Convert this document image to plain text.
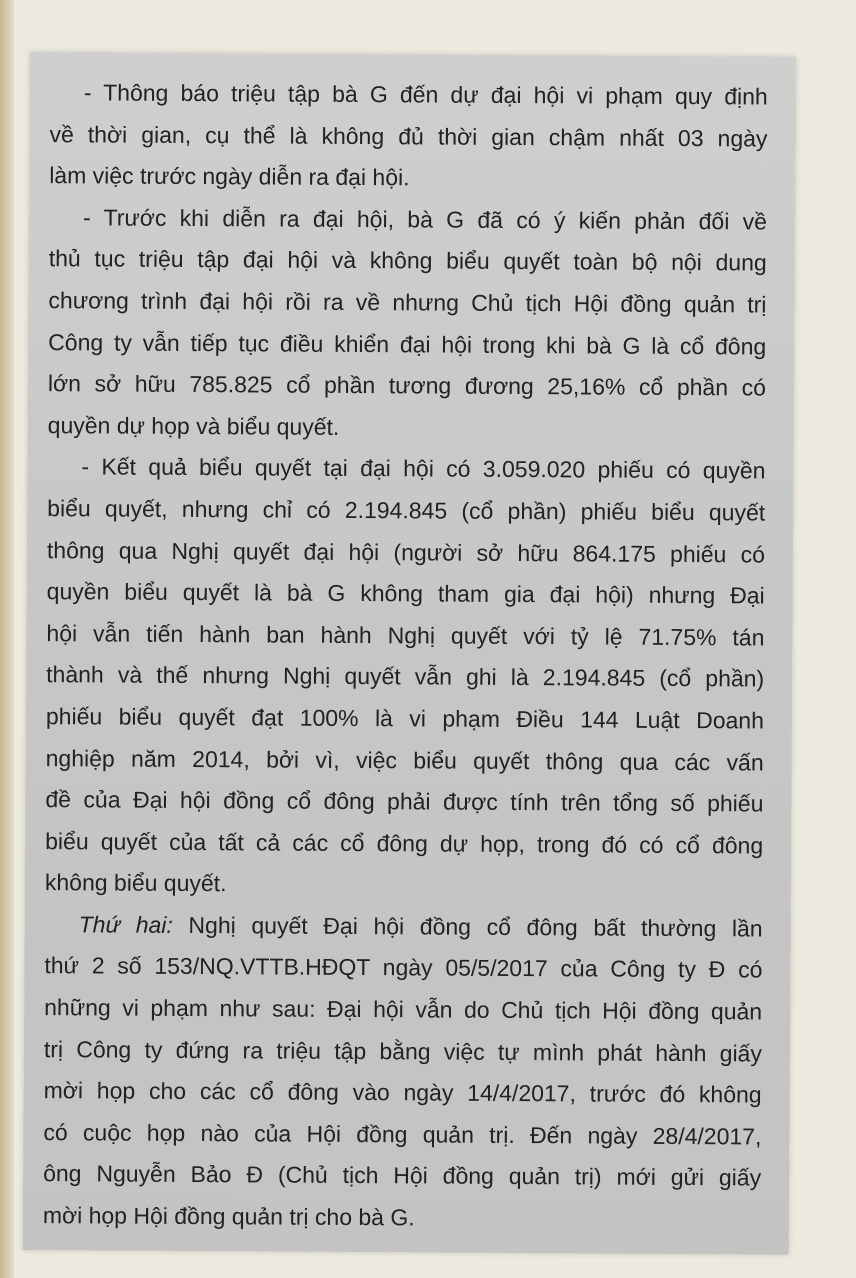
- Thông báo triệu tập bà G đến dự đại hội vi phạm quy định
về thời gian, cụ thể là không đủ thời gian chậm nhất 03 ngày
làm việc trước ngày diễn ra đại hội.
- Trước khi diễn ra đại hội, bà G đã có ý kiến phản đối về
thủ tục triệu tập đại hội và không biểu quyết toàn bộ nội dung
chương trình đại hội rồi ra về nhưng Chủ tịch Hội đồng quản trị
Công ty vẫn tiếp tục điều khiển đại hội trong khi bà G là cổ đông
lớn sở hữu 785.825 cổ phần tương đương 25,16% cổ phần có
quyền dự họp và biểu quyết.
- Kết quả biểu quyết tại đại hội có 3.059.020 phiếu có quyền
biểu quyết, nhưng chỉ có 2.194.845 (cổ phần) phiếu biểu quyết
thông qua Nghị quyết đại hội (người sở hữu 864.175 phiếu có
quyền biểu quyết là bà G không tham gia đại hội) nhưng Đại
hội vẫn tiến hành ban hành Nghị quyết với tỷ lệ 71.75% tán
thành và thế nhưng Nghị quyết vẫn ghi là 2.194.845 (cổ phần)
phiếu biểu quyết đạt 100% là vi phạm Điều 144 Luật Doanh
nghiệp năm 2014, bởi vì, việc biểu quyết thông qua các vấn
đề của Đại hội đồng cổ đông phải được tính trên tổng số phiếu
biểu quyết của tất cả các cổ đông dự họp, trong đó có cổ đông
không biểu quyết.
Thứ hai: Nghị quyết Đại hội đồng cổ đông bất thường lần
thứ 2 số 153/NQ.VTTB.HĐQT ngày 05/5/2017 của Công ty Đ có
những vi phạm như sau: Đại hội vẫn do Chủ tịch Hội đồng quản
trị Công ty đứng ra triệu tập bằng việc tự mình phát hành giấy
mời họp cho các cổ đông vào ngày 14/4/2017, trước đó không
có cuộc họp nào của Hội đồng quản trị. Đến ngày 28/4/2017,
ông Nguyễn Bảo Đ (Chủ tịch Hội đồng quản trị) mới gửi giấy
mời họp Hội đồng quản trị cho bà G.
